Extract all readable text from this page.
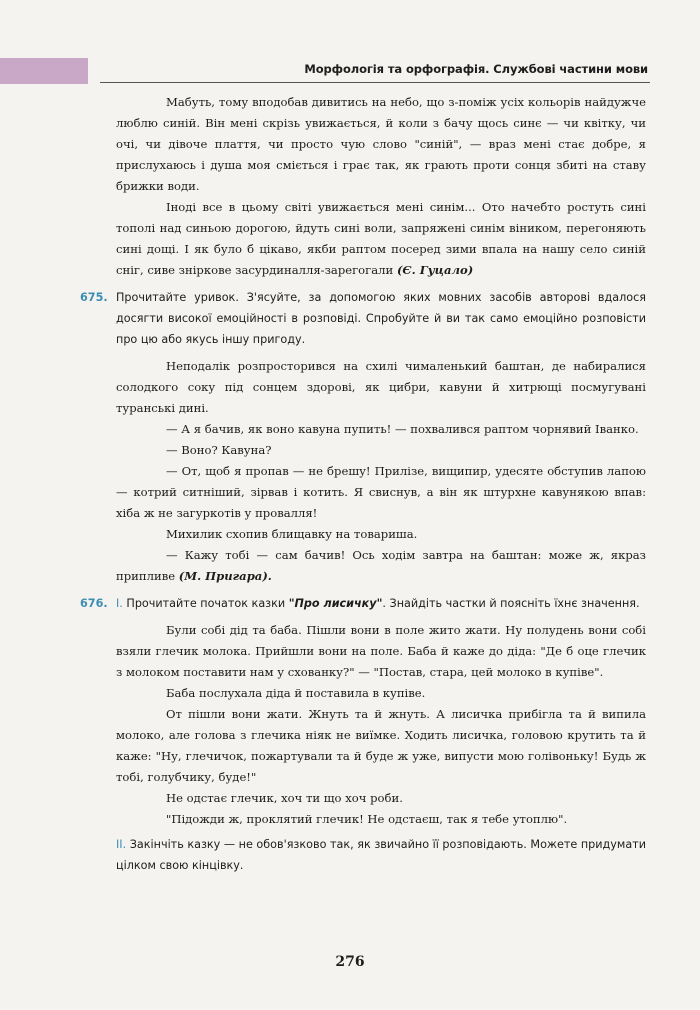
Морфологія та орфографія. Службові частини мови

Мабуть, тому вподобав дивитись на небо, що з-поміж усіх кольорів найдужче люблю синій. Він мені скрізь увижається, й коли з бачу щось синє — чи квітку, чи очі, чи дівоче плаття, чи просто чую слово "синій", — враз мені стає добре, я прислухаюсь і душа моя сміється і грає так, як грають проти сонця збиті на ставу брижки води.

Іноді все в цьому світі увижається мені синім... Ото начебто ростуть сині тополі над синьою дорогою, йдуть сині воли, запряжені синім віником, перегоняють сині дощі. І як було б цікаво, якби раптом посеред зими впала на нашу село синій сніг, сиве зніркове засурдиналля-зарегогали (Є. Гуцало)

675. Прочитайте уривок. З'ясуйте, за допомогою яких мовних засобів авторові вдалося досягти високої емоційності в розповіді. Спробуйте й ви так само емоційно розповісти про цю або якусь іншу пригоду.

Неподалік розпросторився на схилі чималенький баштан, де набиралися солодкого соку під сонцем здорові, як цибри, кавуни й хитрющі посмугувані туранські дині.

— А я бачив, як воно кавуна пупить! — похвалився раптом чорнявий Іванко.

— Воно? Кавуна?

— От, щоб я пропав — не брешу! Прилізе, вищипир, удесяте обступив лапою — котрий ситніший, зірвав і котить. Я свиснув, а він як штурхне кавунякою впав: хіба ж не загуркотів у провалля!

Михилик схопив блищавку на товариша.

— Кажу тобі — сам бачив! Ось ходім завтра на баштан: може ж, якраз припливе (М. Пригара).

676. І. Прочитайте початок казки "Про лисичку". Знайдіть частки й поясніть їхнє значення.

Були собі дід та баба. Пішли вони в поле жито жати. Ну полудень вони собі взяли глечик молока. Прийшли вони на поле. Баба й каже до діда: "Де б оце глечик з молоком поставити нам у схованку?" — "Постав, стара, цей молоко в купіве".

Баба послухала діда й поставила в купіве.

От пішли вони жати. Жнуть та й жнуть. А лисичка прибігла та й випила молоко, але голова з глечика ніяк не виїмке. Ходить лисичка, головою крутить та й каже: "Ну, глечичок, пожартували та й буде ж уже, випусти мою голівоньку! Будь ж тобі, голубчику, буде!"

Не одстає глечик, хоч ти що хоч роби.

"Підожди ж, проклятий глечик! Не одстаєш, так я тебе утоплю".

II. Закінчіть казку — не обов'язково так, як звичайно її розповідають. Можете придумати цілком свою кінцівку.

276
